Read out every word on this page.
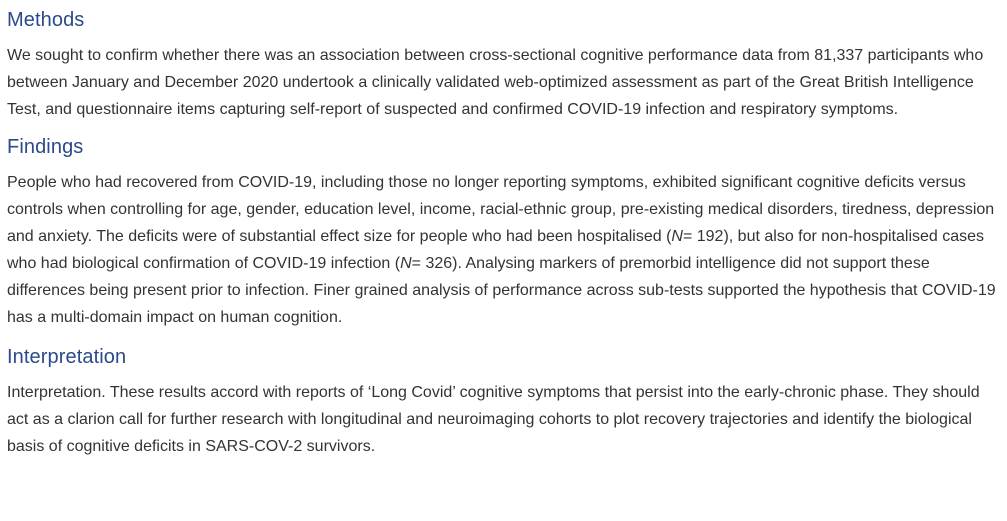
Methods

We sought to confirm whether there was an association between cross-sectional cognitive performance data from 81,337 participants who between January and December 2020 undertook a clinically validated web-optimized assessment as part of the Great British Intelligence Test, and questionnaire items capturing self-report of suspected and confirmed COVID-19 infection and respiratory symptoms.

Findings

People who had recovered from COVID-19, including those no longer reporting symptoms, exhibited significant cognitive deficits versus controls when controlling for age, gender, education level, income, racial-ethnic group, pre-existing medical disorders, tiredness, depression and anxiety. The deficits were of substantial effect size for people who had been hospitalised (N= 192), but also for non-hospitalised cases who had biological confirmation of COVID-19 infection (N= 326). Analysing markers of premorbid intelligence did not support these differences being present prior to infection. Finer grained analysis of performance across sub-tests supported the hypothesis that COVID-19 has a multi-domain impact on human cognition.

Interpretation

Interpretation. These results accord with reports of ‘Long Covid’ cognitive symptoms that persist into the early-chronic phase. They should act as a clarion call for further research with longitudinal and neuroimaging cohorts to plot recovery trajectories and identify the biological basis of cognitive deficits in SARS-COV-2 survivors.
